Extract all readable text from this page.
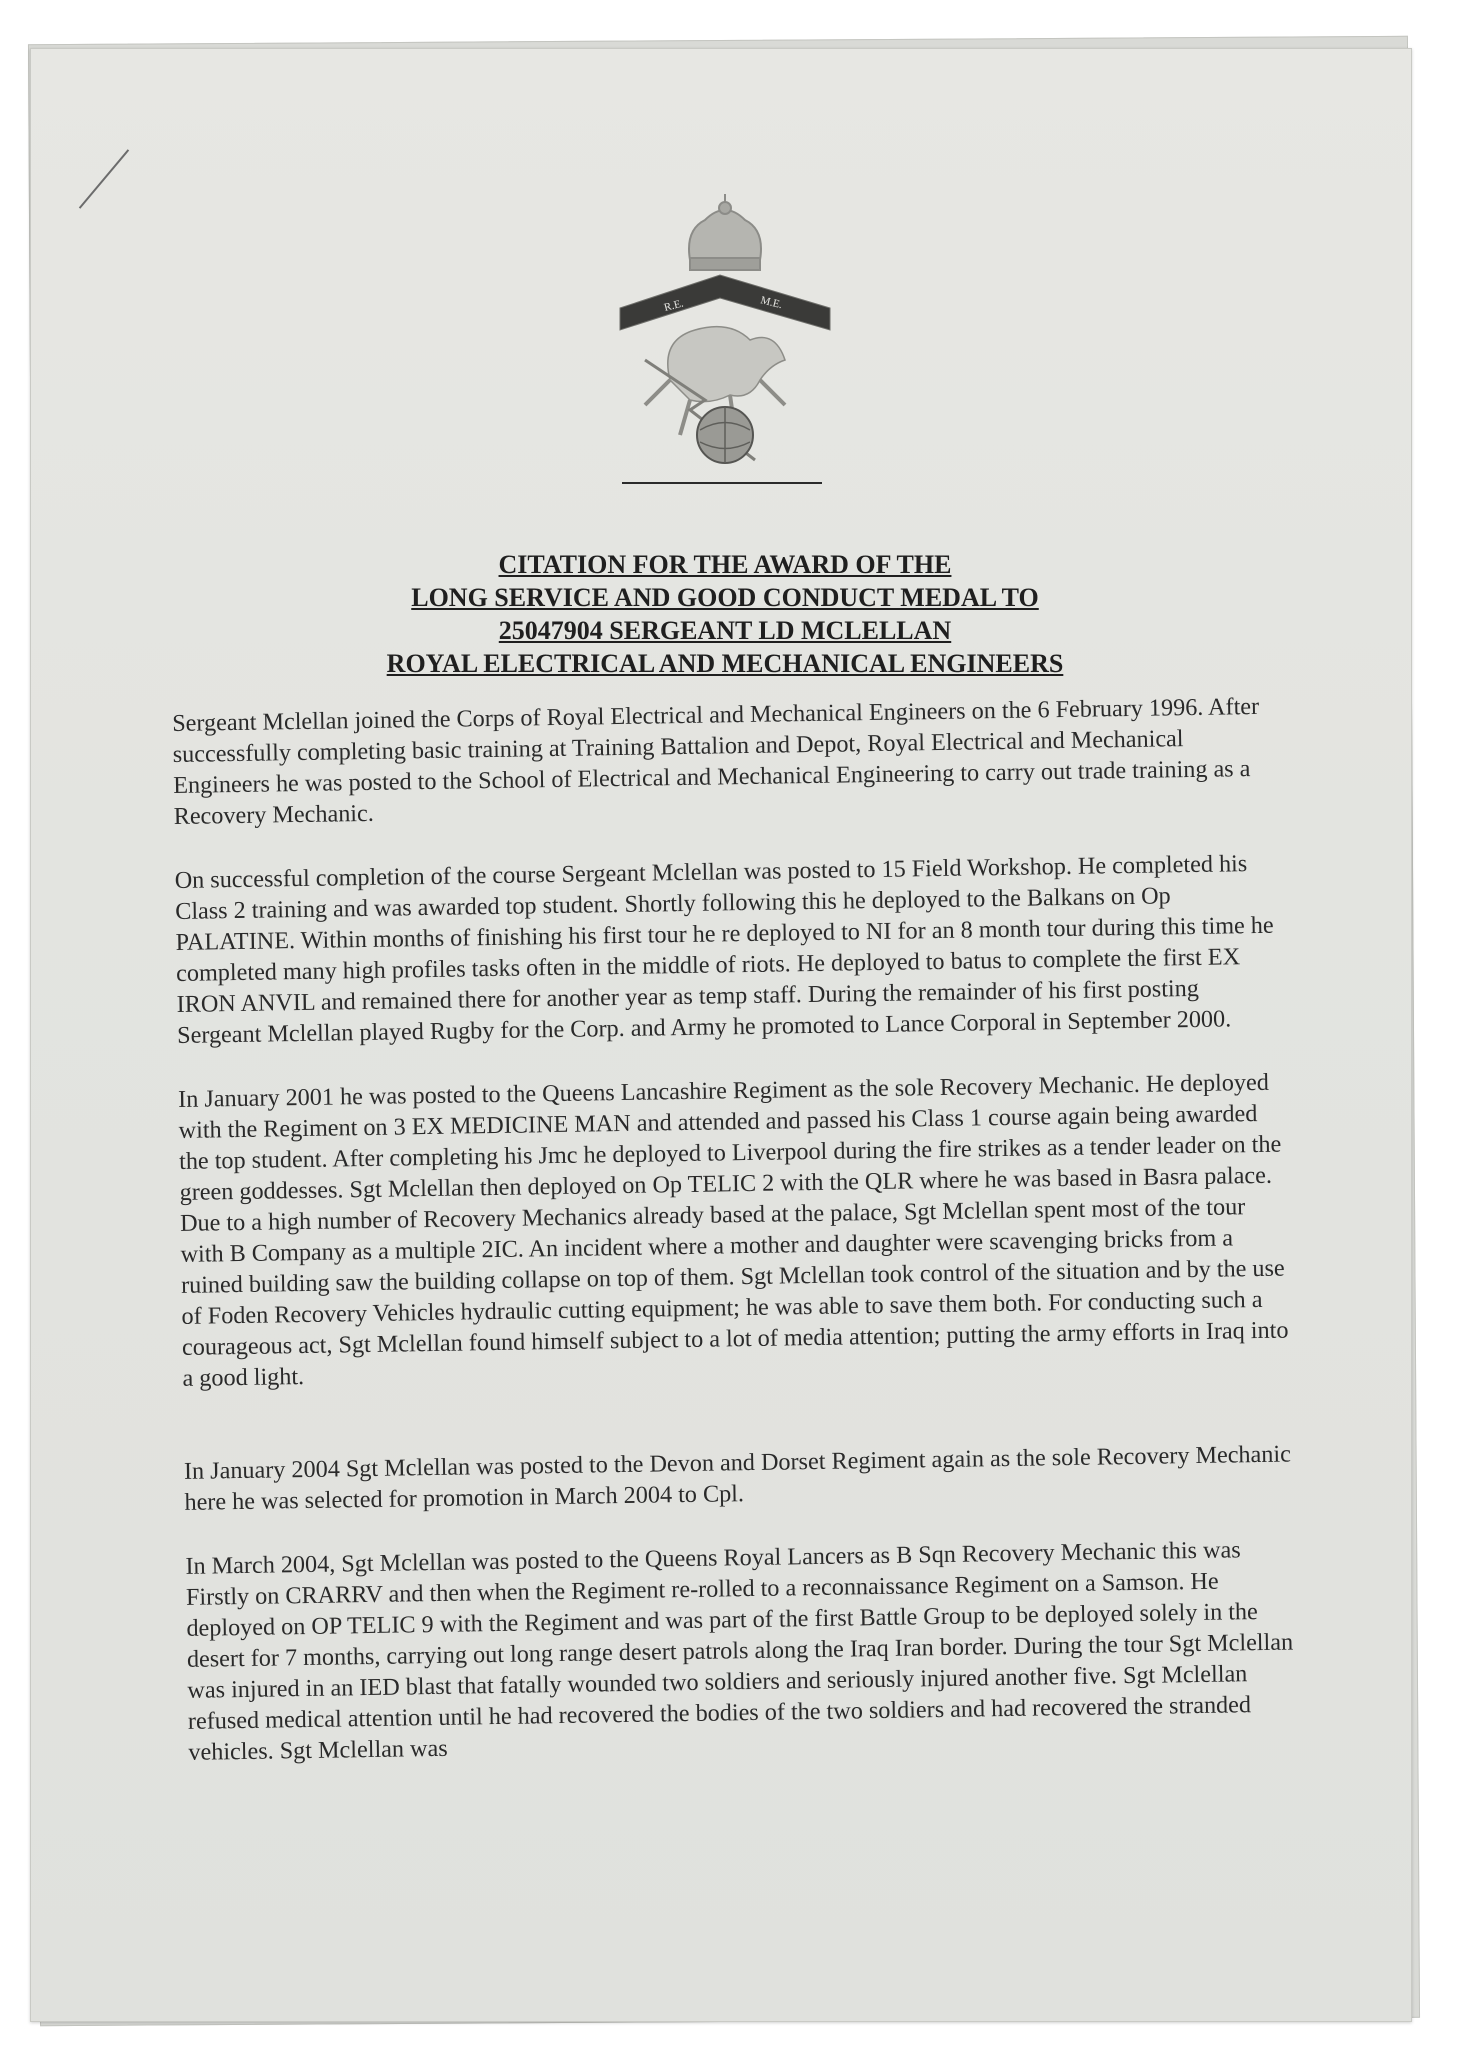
R.E.	M.E.
CITATION FOR THE AWARD OF THE
LONG SERVICE AND GOOD CONDUCT MEDAL TO
25047904 SERGEANT LD MCLELLAN
ROYAL ELECTRICAL AND MECHANICAL ENGINEERS

Sergeant Mclellan joined the Corps of Royal Electrical and Mechanical Engineers on the 6 February 1996. After successfully completing basic training at Training Battalion and Depot, Royal Electrical and Mechanical Engineers he was posted to the School of Electrical and Mechanical Engineering to carry out trade training as a Recovery Mechanic.

On successful completion of the course Sergeant Mclellan was posted to 15 Field Workshop. He completed his Class 2 training and was awarded top student. Shortly following this he deployed to the Balkans on Op PALATINE. Within months of finishing his first tour he re deployed to NI for an 8 month tour during this time he completed many high profiles tasks often in the middle of riots. He deployed to batus to complete the first EX IRON ANVIL and remained there for another year as temp staff. During the remainder of his first posting Sergeant Mclellan played Rugby for the Corp. and Army he promoted to Lance Corporal in September 2000.

In January 2001 he was posted to the Queens Lancashire Regiment as the sole Recovery Mechanic. He deployed with the Regiment on 3 EX MEDICINE MAN and attended and passed his Class 1 course again being awarded the top student. After completing his Jmc he deployed to Liverpool during the fire strikes as a tender leader on the green goddesses. Sgt Mclellan then deployed on Op TELIC 2 with the QLR where he was based in Basra palace. Due to a high number of Recovery Mechanics already based at the palace, Sgt Mclellan spent most of the tour with B Company as a multiple 2IC. An incident where a mother and daughter were scavenging bricks from a ruined building saw the building collapse on top of them. Sgt Mclellan took control of the situation and by the use of Foden Recovery Vehicles hydraulic cutting equipment; he was able to save them both. For conducting such a courageous act, Sgt Mclellan found himself subject to a lot of media attention; putting the army efforts in Iraq into a good light.

In January 2004 Sgt Mclellan was posted to the Devon and Dorset Regiment again as the sole Recovery Mechanic here he was selected for promotion in March 2004 to Cpl.

In March 2004, Sgt Mclellan was posted to the Queens Royal Lancers as B Sqn Recovery Mechanic this was Firstly on CRARRV and then when the Regiment re-rolled to a reconnaissance Regiment on a Samson. He deployed on OP TELIC 9 with the Regiment and was part of the first Battle Group to be deployed solely in the desert for 7 months, carrying out long range desert patrols along the Iraq Iran border. During the tour Sgt Mclellan was injured in an IED blast that fatally wounded two soldiers and seriously injured another five. Sgt Mclellan refused medical attention until he had recovered the bodies of the two soldiers and had recovered the stranded vehicles. Sgt Mclellan was
